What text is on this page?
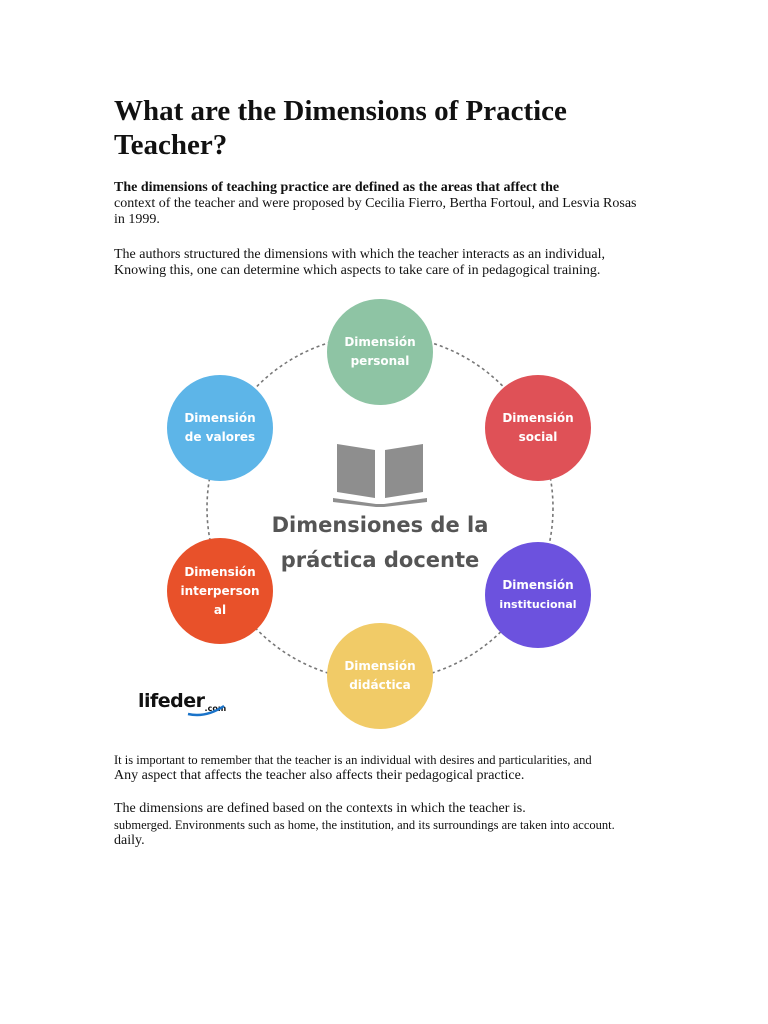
What are the Dimensions of Practice Teacher?
The dimensions of teaching practice are defined as the areas that affect the
context of the teacher and were proposed by Cecilia Fierro, Bertha Fortoul, and Lesvia Rosas
in 1999.
The authors structured the dimensions with which the teacher interacts as an individual,
Knowing this, one can determine which aspects to take care of in pedagogical training.
Dimensiones de la
práctica docente
Dimensión
personal
Dimensión
social
Dimensión
institucional
Dimensión
didáctica
Dimensión
interperson
al
Dimensión
de valores
lifeder$_{.com}$
It is important to remember that the teacher is an individual with desires and particularities, and
Any aspect that affects the teacher also affects their pedagogical practice.
The dimensions are defined based on the contexts in which the teacher is.
submerged. Environments such as home, the institution, and its surroundings are taken into account.
daily.
